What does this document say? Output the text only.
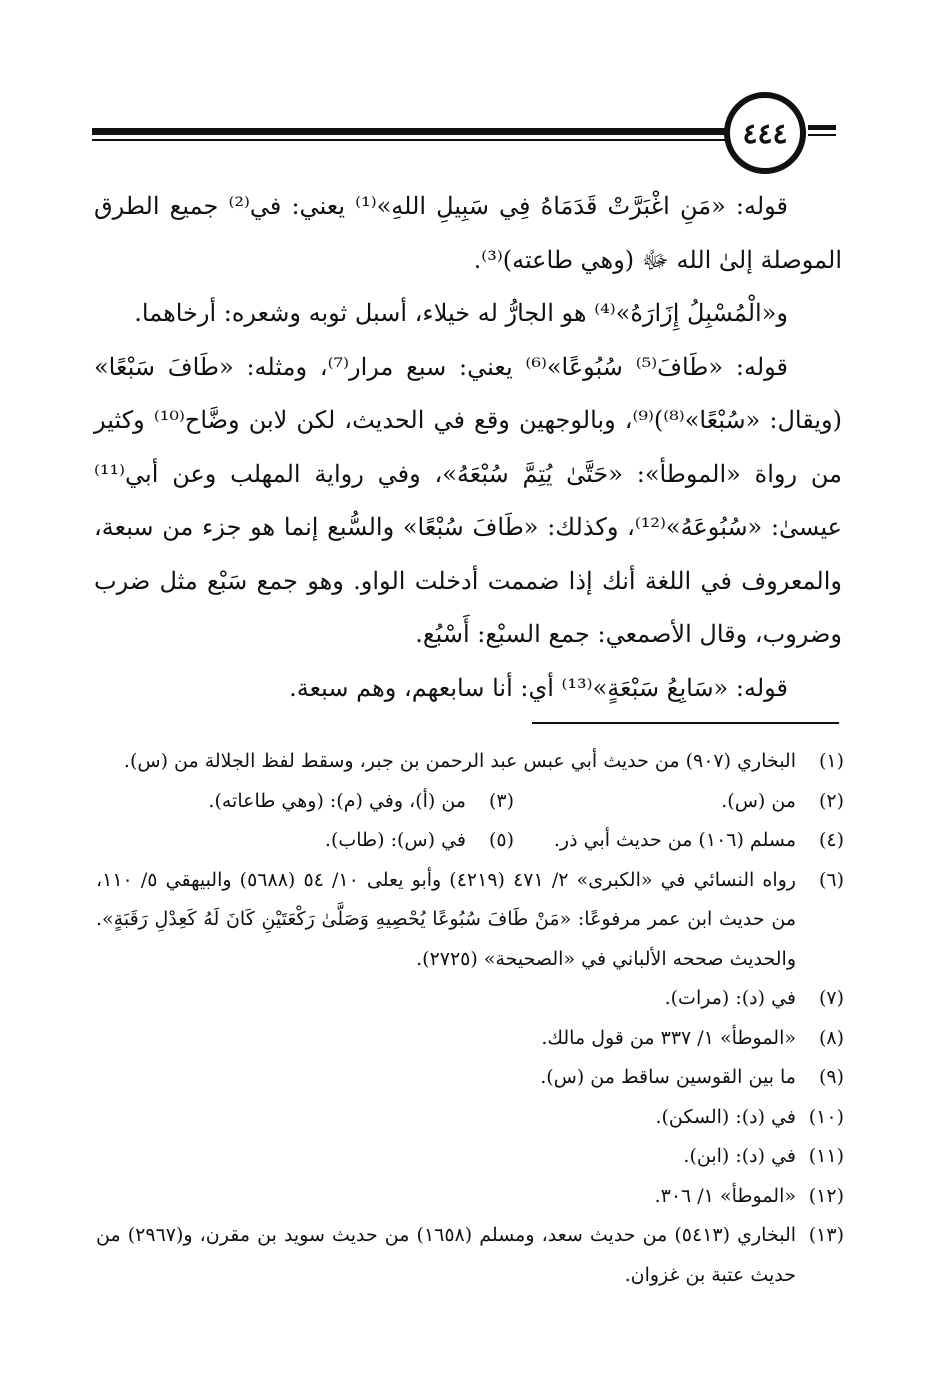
٤٤٤

قوله: «مَنِ اغْبَرَّتْ قَدَمَاهُ فِي سَبِيلِ اللهِ»⁽¹⁾ يعني: في⁽²⁾ جميع الطرق الموصلة إلىٰ الله ﷻ (وهي طاعته)⁽³⁾.

و«الْمُسْبِلُ إِزَارَهُ»⁽⁴⁾ هو الجارُّ له خيلاء، أسبل ثوبه وشعره: أرخاهما.

قوله: «طَافَ⁽⁵⁾ سُبُوعًا»⁽⁶⁾ يعني: سبع مرار⁽⁷⁾، ومثله: «طَافَ سَبْعًا» (ويقال: «سُبْعًا»⁽⁸⁾)⁽⁹⁾، وبالوجهين وقع في الحديث، لكن لابن وضَّاح⁽¹⁰⁾ وكثير من رواة «الموطأ»: «حَتَّىٰ يُتِمَّ سُبْعَهُ»، وفي رواية المهلب وعن أبي⁽¹¹⁾ عيسىٰ: «سُبُوعَهُ»⁽¹²⁾، وكذلك: «طَافَ سُبْعًا» والسُّبع إنما هو جزء من سبعة، والمعروف في اللغة أنك إذا ضممت أدخلت الواو. وهو جمع سَبْع مثل ضرب وضروب، وقال الأصمعي: جمع السبْع: أَسْبُع.

قوله: «سَابِعُ سَبْعَةٍ»⁽¹³⁾ أي: أنا سابعهم، وهم سبعة.

(١)
البخاري (٩٠٧) من حديث أبي عبس عبد الرحمن بن جبر، وسقط لفظ الجلالة من (س).
(٢)
من (س).
(٣)
من (أ)، وفي (م): (وهي طاعاته).
(٤)
مسلم (١٠٦) من حديث أبي ذر.
(٥)
في (س): (طاب).
(٦)
رواه النسائي في «الكبرى» ٢/ ٤٧١ (٤٢١٩) وأبو يعلى ١٠/ ٥٤ (٥٦٨٨) والبيهقي ٥/ ١١٠، من حديث ابن عمر مرفوعًا: «مَنْ طَافَ سُبُوعًا يُحْصِيهِ وَصَلَّىٰ رَكْعَتَيْنِ كَانَ لَهُ كَعِدْلِ رَقَبَةٍ». والحديث صححه الألباني في «الصحيحة» (٢٧٢٥).
(٧)
في (د): (مرات).
(٨)
«الموطأ» ١/ ٣٣٧ من قول مالك.
(٩)
ما بين القوسين ساقط من (س).
(١٠)
في (د): (السكن).
(١١)
في (د): (ابن).
(١٢)
«الموطأ» ١/ ٣٠٦.
(١٣)
البخاري (٥٤١٣) من حديث سعد، ومسلم (١٦٥٨) من حديث سويد بن مقرن، و(٢٩٦٧) من حديث عتبة بن غزوان.
